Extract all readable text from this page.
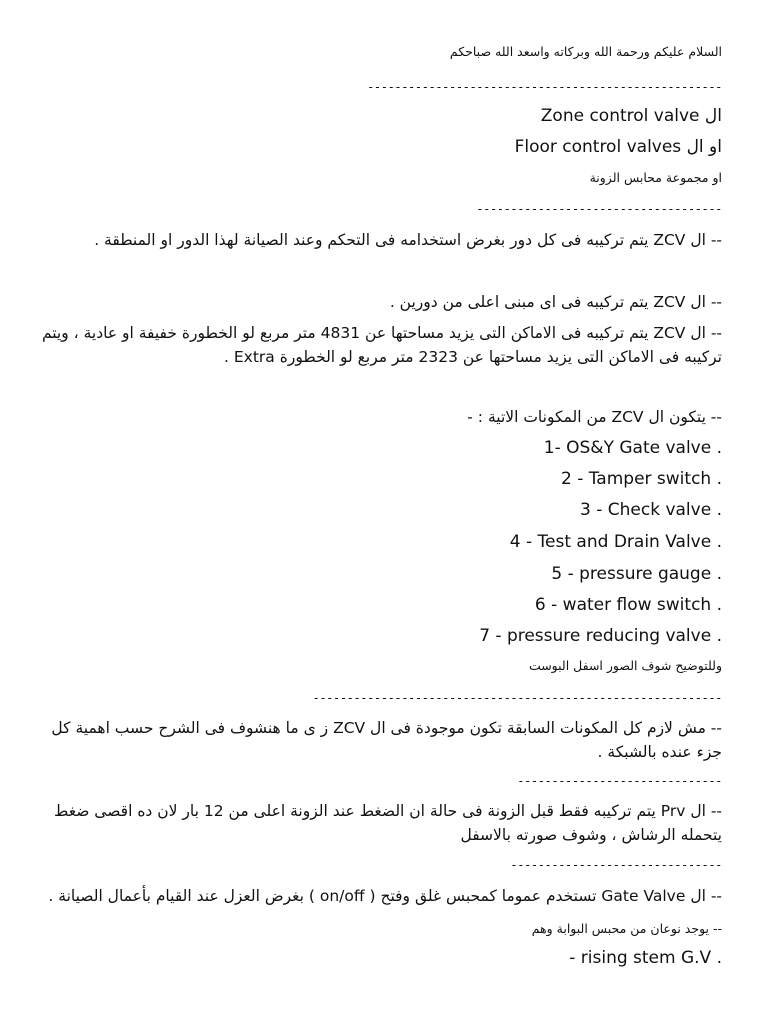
السلام عليكم ورحمة الله وبركاته واسعد الله صباحكم
----------------------------------------------------
ال Zone control valve
او ال Floor control valves
او مجموعة محابس الزونة
------------------------------------
-- ال ZCV يتم تركيبه فى كل دور بغرض استخدامه فى التحكم وعند الصيانة لهذا الدور او المنطقة .
-- ال ZCV يتم تركيبه فى اى مبنى اعلى من دورين .
-- ال ZCV يتم تركيبه فى الاماكن التى يزيد مساحتها عن 4831 متر مربع لو الخطورة خفيفة او عادية ، ويتم تركيبه فى الاماكن التى يزيد مساحتها عن 2323 متر مربع لو الخطورة Extra .
-- يتكون ال ZCV من المكونات الاتية : -
1- OS&Y Gate valve .
2 - Tamper switch .
3 - Check valve .
4 - Test and Drain Valve .
5 - pressure gauge .
6 - water flow switch .
7 - pressure reducing valve .
وللتوضيح شوف الصور اسفل البوست
------------------------------------------------------------
-- مش لازم كل المكونات السابقة تكون موجودة فى ال ZCV ز ى ما هنشوف فى الشرح حسب اهمية كل جزء عنده بالشبكة .
------------------------------
-- ال Prv يتم تركيبه فقط قبل الزونة فى حالة ان الضغط عند الزونة اعلى من 12 بار لان ده اقصى ضغط يتحمله الرشاش ، وشوف صورته بالاسفل
-------------------------------
-- ال Gate Valve تستخدم عموما كمحبس غلق وفتح ( on/off ) بغرض العزل عند القيام بأعمال الصيانة .
-- يوجد نوعان من محبس البوابة وهم
- rising stem G.V .
